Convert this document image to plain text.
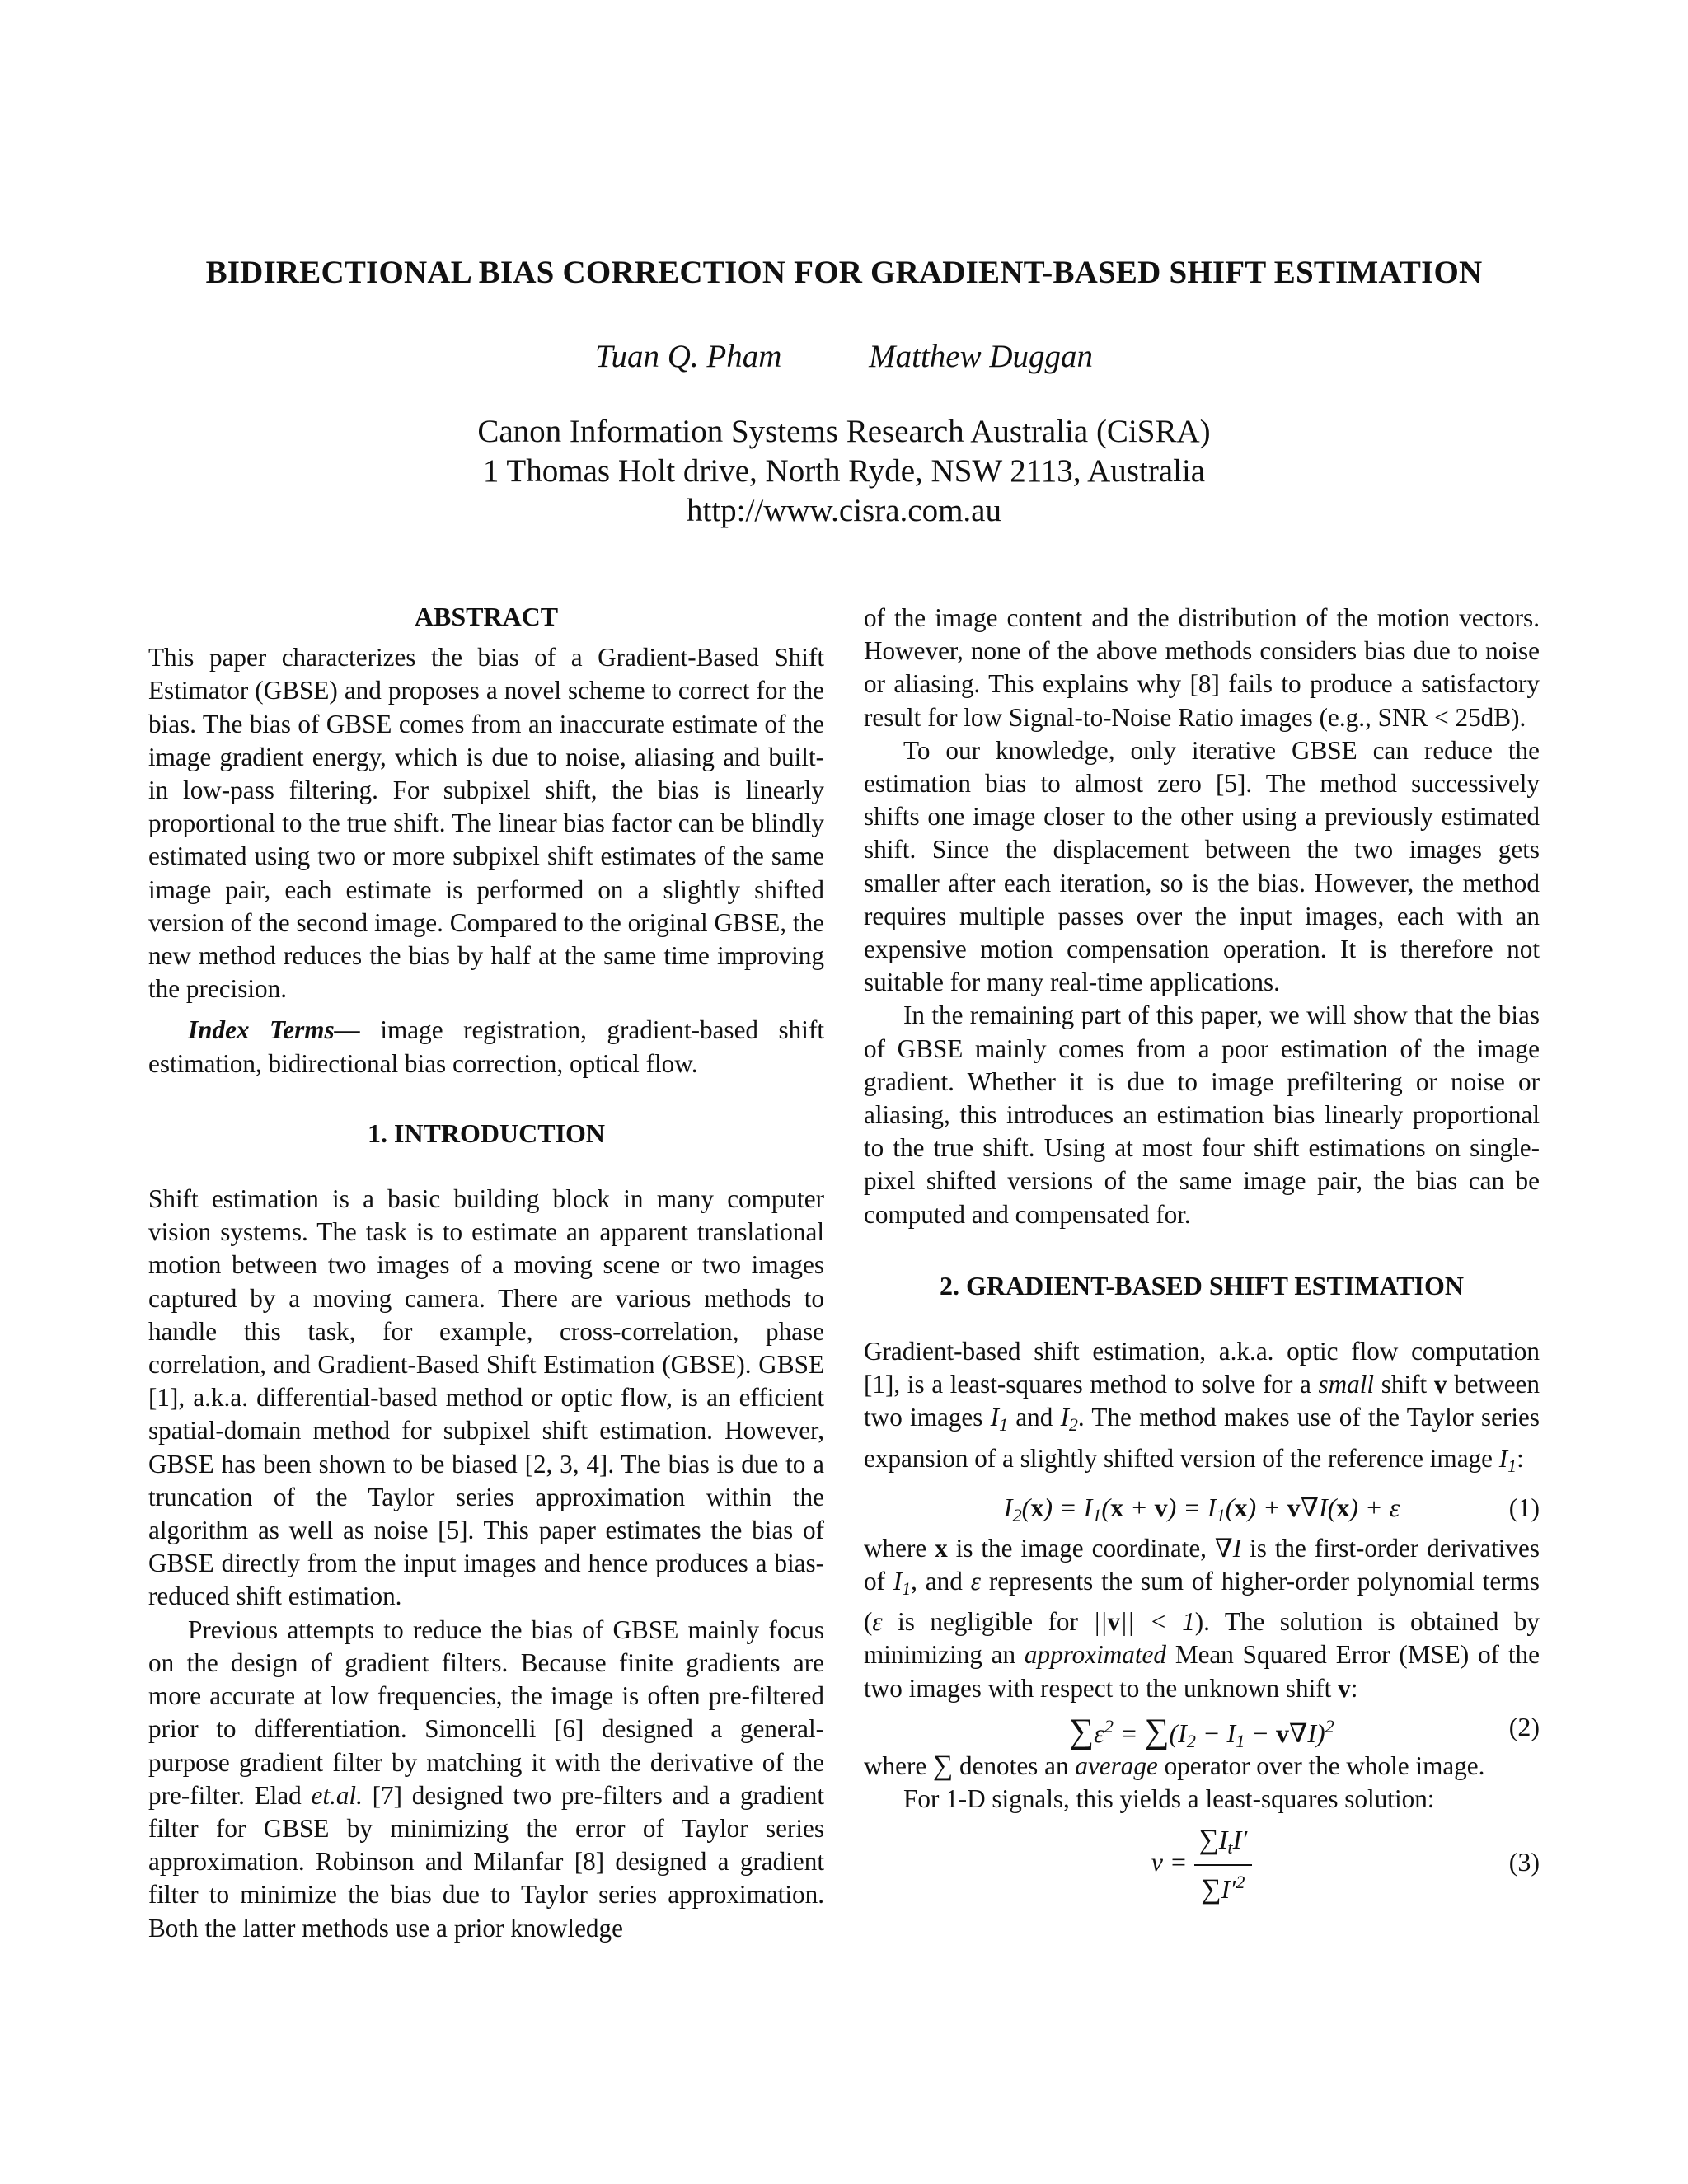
BIDIRECTIONAL BIAS CORRECTION FOR GRADIENT-BASED SHIFT ESTIMATION
Tuan Q. Pham	Matthew Duggan
Canon Information Systems Research Australia (CiSRA)
1 Thomas Holt drive, North Ryde, NSW 2113, Australia
http://www.cisra.com.au
ABSTRACT

This paper characterizes the bias of a Gradient-Based Shift Estimator (GBSE) and proposes a novel scheme to correct for the bias. The bias of GBSE comes from an inaccurate estimate of the image gradient energy, which is due to noise, aliasing and built-in low-pass filtering. For subpixel shift, the bias is linearly proportional to the true shift. The linear bias factor can be blindly estimated using two or more subpixel shift estimates of the same image pair, each estimate is performed on a slightly shifted version of the second image. Compared to the original GBSE, the new method reduces the bias by half at the same time improving the precision.

Index Terms— image registration, gradient-based shift estimation, bidirectional bias correction, optical flow.

1. INTRODUCTION

Shift estimation is a basic building block in many computer vision systems. The task is to estimate an apparent translational motion between two images of a moving scene or two images captured by a moving camera. There are various methods to handle this task, for example, cross-correlation, phase correlation, and Gradient-Based Shift Estimation (GBSE). GBSE [1], a.k.a. differential-based method or optic flow, is an efficient spatial-domain method for subpixel shift estimation. However, GBSE has been shown to be biased [2, 3, 4]. The bias is due to a truncation of the Taylor series approximation within the algorithm as well as noise [5]. This paper estimates the bias of GBSE directly from the input images and hence produces a bias-reduced shift estimation.

Previous attempts to reduce the bias of GBSE mainly focus on the design of gradient filters. Because finite gradients are more accurate at low frequencies, the image is often pre-filtered prior to differentiation. Simoncelli [6] designed a general-purpose gradient filter by matching it with the derivative of the pre-filter. Elad et.al. [7] designed two pre-filters and a gradient filter for GBSE by minimizing the error of Taylor series approximation. Robinson and Milanfar [8] designed a gradient filter to minimize the bias due to Taylor series approximation. Both the latter methods use a prior knowledge

of the image content and the distribution of the motion vectors. However, none of the above methods considers bias due to noise or aliasing. This explains why [8] fails to produce a satisfactory result for low Signal-to-Noise Ratio images (e.g., SNR < 25dB).

To our knowledge, only iterative GBSE can reduce the estimation bias to almost zero [5]. The method successively shifts one image closer to the other using a previously estimated shift. Since the displacement between the two images gets smaller after each iteration, so is the bias. However, the method requires multiple passes over the input images, each with an expensive motion compensation operation. It is therefore not suitable for many real-time applications.

In the remaining part of this paper, we will show that the bias of GBSE mainly comes from a poor estimation of the image gradient. Whether it is due to image prefiltering or noise or aliasing, this introduces an estimation bias linearly proportional to the true shift. Using at most four shift estimations on single-pixel shifted versions of the same image pair, the bias can be computed and compensated for.

2. GRADIENT-BASED SHIFT ESTIMATION

Gradient-based shift estimation, a.k.a. optic flow computation [1], is a least-squares method to solve for a small shift v between two images $I_1$ and $I_2$. The method makes use of the Taylor series expansion of a slightly shifted version of the reference image $I_1$:

$I_2(x) = I_1(x + v) = I_1(x) + v\nabla I(x) + \varepsilon$	(1)

where x is the image coordinate, ∇I is the first-order derivatives of $I_1$, and ε represents the sum of higher-order polynomial terms (ε is negligible for ||v|| < 1). The solution is obtained by minimizing an approximated Mean Squared Error (MSE) of the two images with respect to the unknown shift v:

$\sum\varepsilon^2 = \sum(I_2 - I_1 - v\nabla I)^2$	(2)

where ∑ denotes an average operator over the whole image.

For 1-D signals, this yields a least-squares solution:

$v = \frac{\sum I_tI'}{\sum I'^2}$	(3)
